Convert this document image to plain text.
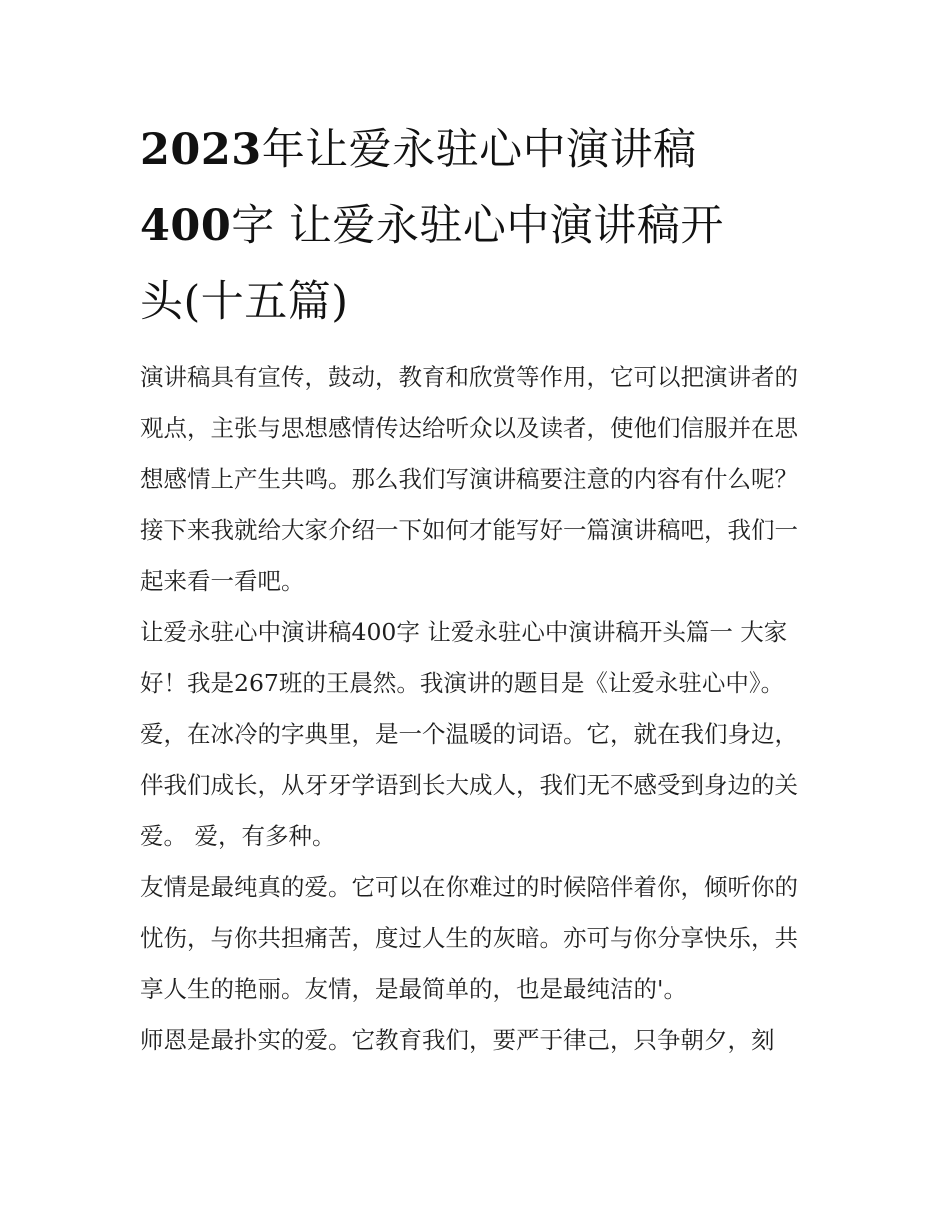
2023年让爱永驻心中演讲稿
400字 让爱永驻心中演讲稿开
头(十五篇)

演讲稿具有宣传，鼓动，教育和欣赏等作用，它可以把演讲者的观点，主张与思想感情传达给听众以及读者，使他们信服并在思想感情上产生共鸣。那么我们写演讲稿要注意的内容有什么呢？接下来我就给大家介绍一下如何才能写好一篇演讲稿吧，我们一起来看一看吧。

让爱永驻心中演讲稿400字 让爱永驻心中演讲稿开头篇一 大家好！我是267班的王晨然。我演讲的题目是《让爱永驻心中》。

爱，在冰冷的字典里，是一个温暖的词语。它，就在我们身边，伴我们成长，从牙牙学语到长大成人，我们无不感受到身边的关爱。 爱，有多种。

友情是最纯真的爱。它可以在你难过的时候陪伴着你，倾听你的忧伤，与你共担痛苦，度过人生的灰暗。亦可与你分享快乐，共享人生的艳丽。友情，是最简单的，也是最纯洁的'。

师恩是最扑实的爱。它教育我们，要严于律己，只争朝夕，刻
